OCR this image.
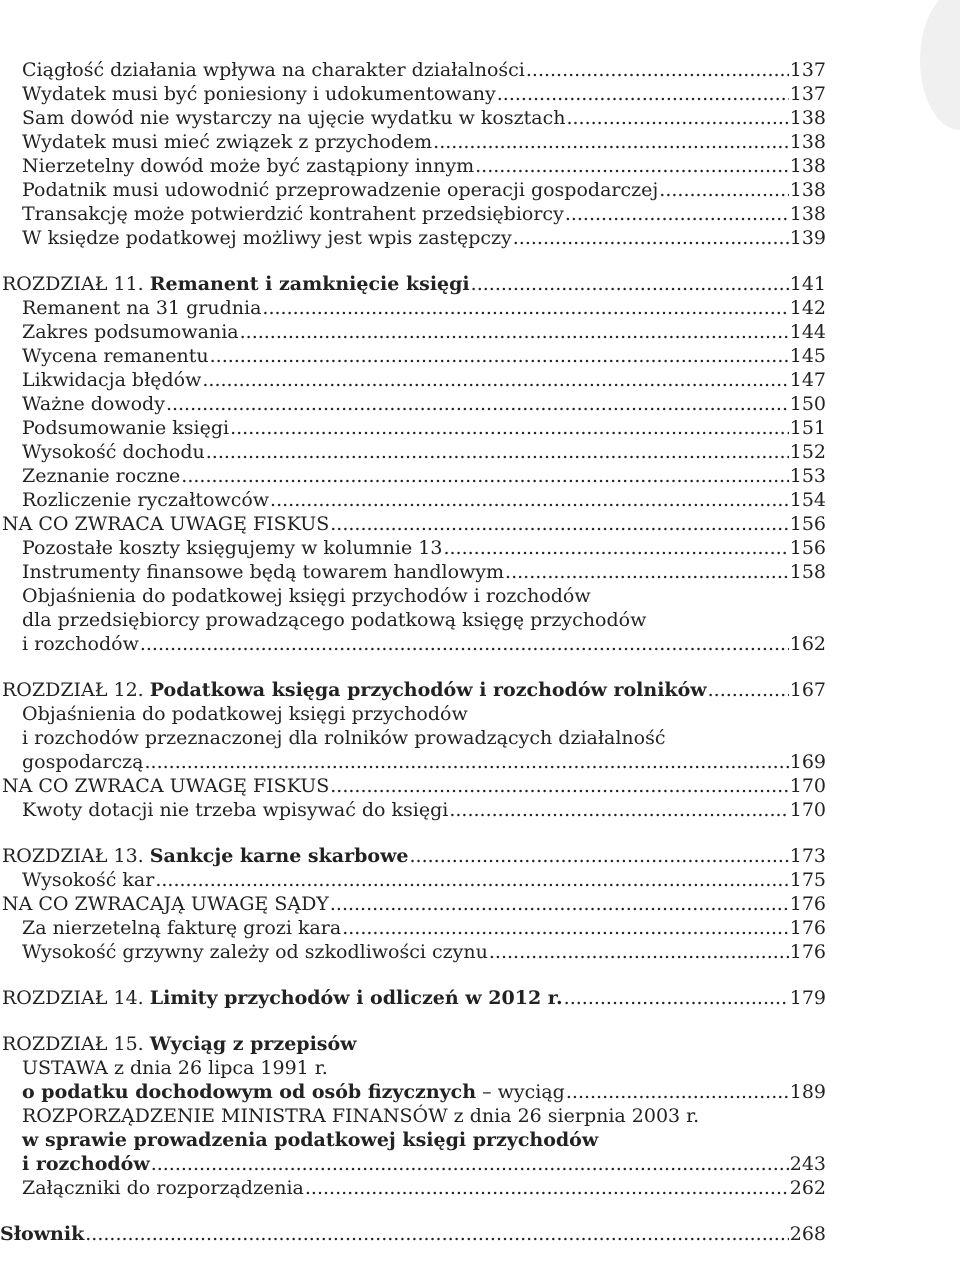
Ciągłość działania wpływa na charakter działalności .....	137
Wydatek musi być poniesiony i udokumentowany .....	137
Sam dowód nie wystarczy na ujęcie wydatku w kosztach .....	138
Wydatek musi mieć związek z przychodem .....	138
Nierzetelny dowód może być zastąpiony innym .....	138
Podatnik musi udowodnić przeprowadzenie operacji gospodarczej .....	138
Transakcję może potwierdzić kontrahent przedsiębiorcy .....	138
W księdze podatkowej możliwy jest wpis zastępczy .....	139
ROZDZIAŁ 11.
Remanent i zamknięcie księgi .....	141
Remanent na 31 grudnia .....	142
Zakres podsumowania .....	144
Wycena remanentu .....	145
Likwidacja błędów .....	147
Ważne dowody .....	150
Podsumowanie księgi .....	151
Wysokość dochodu .....	152
Zeznanie roczne .....	153
Rozliczenie ryczałtowców .....	154
NA CO ZWRACA UWAGĘ FISKUS .....	156
Pozostałe koszty księgujemy w kolumnie 13 .....	156
Instrumenty finansowe będą towarem handlowym .....	158
Objaśnienia do podatkowej księgi przychodów i rozchodów
dla przedsiębiorcy prowadzącego podatkową księgę przychodów
i rozchodów .....	162
ROZDZIAŁ 12.
Podatkowa księga przychodów i rozchodów rolników .....	167
Objaśnienia do podatkowej księgi przychodów
i rozchodów przeznaczonej dla rolników prowadzących działalność
gospodarczą .....	169
NA CO ZWRACA UWAGĘ FISKUS .....	170
Kwoty dotacji nie trzeba wpisywać do księgi .....	170
ROZDZIAŁ 13.
Sankcje karne skarbowe .....	173
Wysokość kar .....	175
NA CO ZWRACAJĄ UWAGĘ SĄDY .....	176
Za nierzetelną fakturę grozi kara .....	176
Wysokość grzywny zależy od szkodliwości czynu .....	176
ROZDZIAŁ 14.
Limity przychodów i odliczeń w 2012 r. .....	179
ROZDZIAŁ 15.
Wyciąg z przepisów
USTAWA z dnia 26 lipca 1991 r.
o podatku dochodowym od osób fizycznych – wyciąg .....	189
ROZPORZĄDZENIE MINISTRA FINANSÓW z dnia 26 sierpnia 2003 r.
w sprawie prowadzenia podatkowej księgi przychodów
i rozchodów .....	243
Załączniki do rozporządzenia .....	262
Słownik .....	268
